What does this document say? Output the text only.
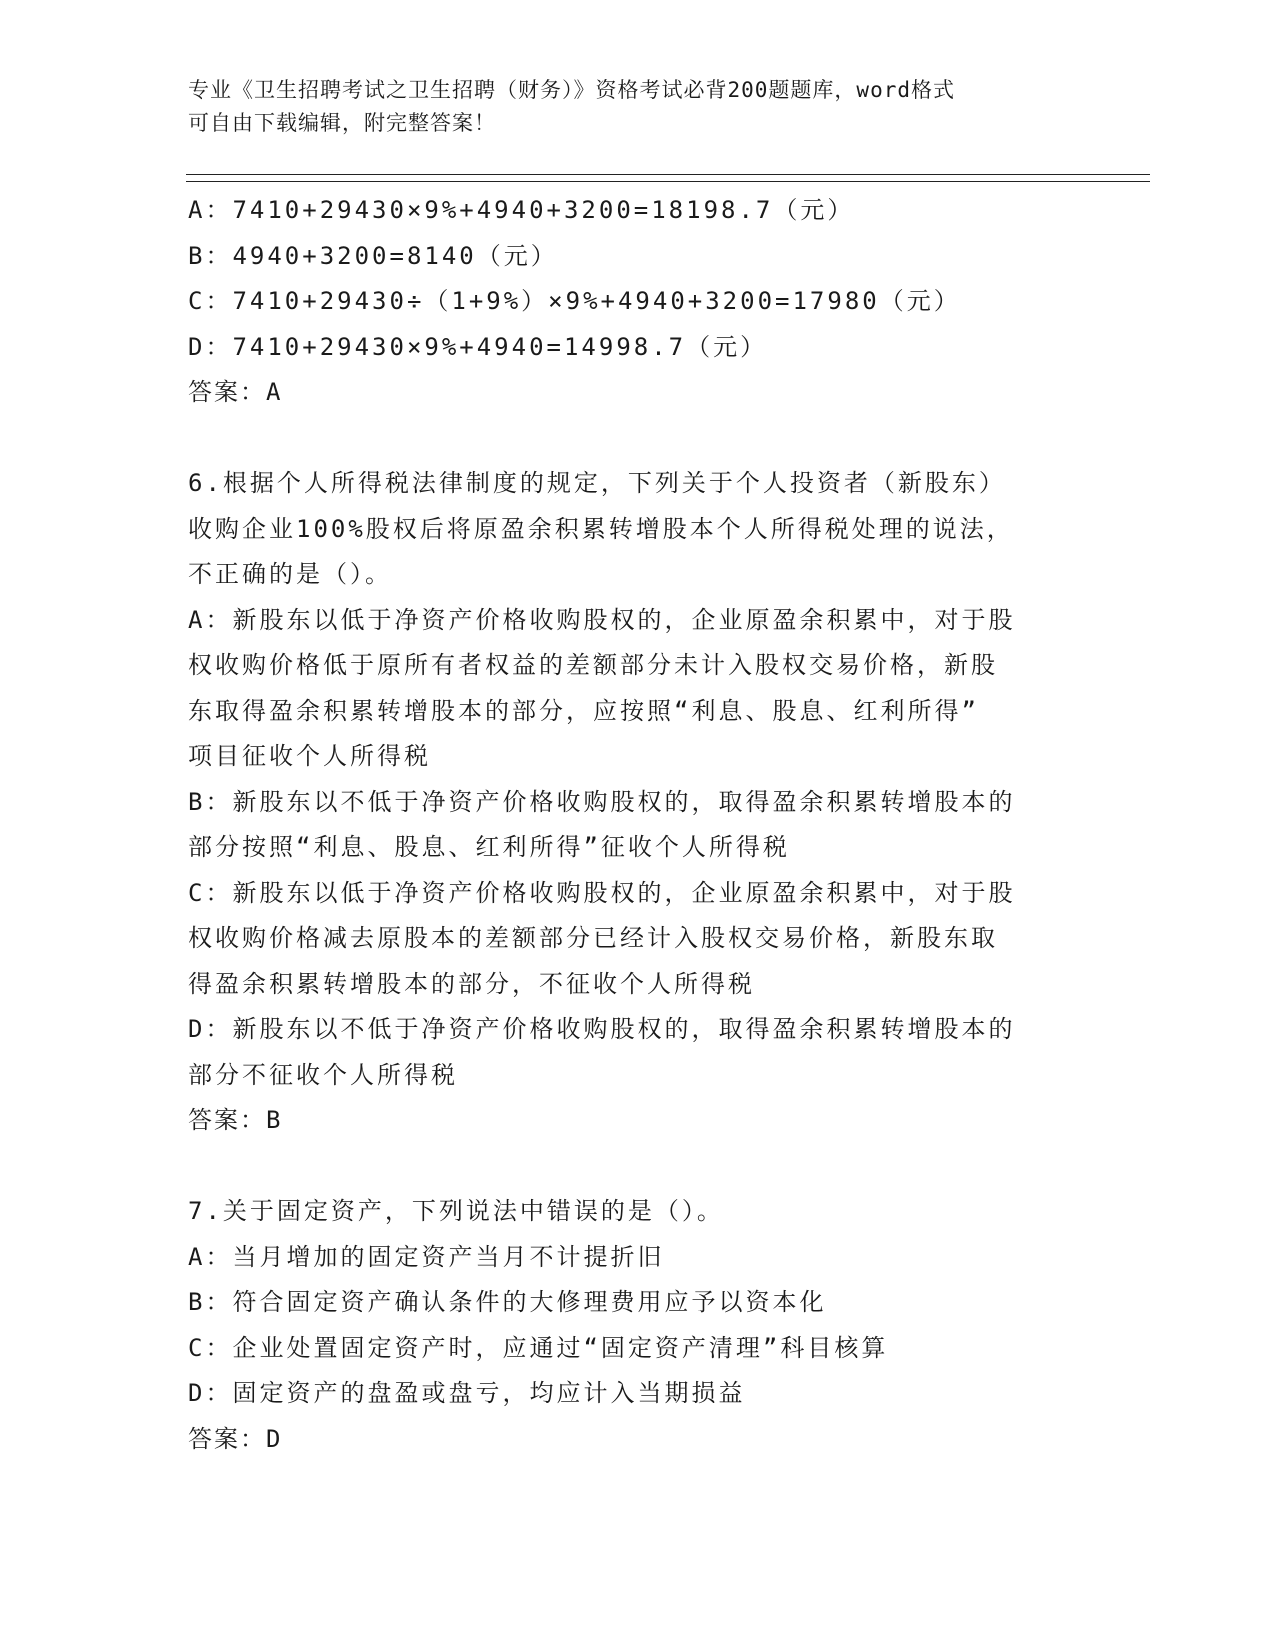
专业《卫生招聘考试之卫生招聘（财务）》资格考试必背200题题库，word格式
可自由下载编辑，附完整答案！
A：7410+29430×9%+4940+3200=18198.7（元）
B：4940+3200=8140（元）
C：7410+29430÷（1+9%）×9%+4940+3200=17980（元）
D：7410+29430×9%+4940=14998.7（元）
答案：A
6.根据个人所得税法律制度的规定，下列关于个人投资者（新股东）
收购企业100%股权后将原盈余积累转增股本个人所得税处理的说法，
不正确的是（）。
A：新股东以低于净资产价格收购股权的，企业原盈余积累中，对于股
权收购价格低于原所有者权益的差额部分未计入股权交易价格，新股
东取得盈余积累转增股本的部分，应按照“利息、股息、红利所得”
项目征收个人所得税
B：新股东以不低于净资产价格收购股权的，取得盈余积累转增股本的
部分按照“利息、股息、红利所得”征收个人所得税
C：新股东以低于净资产价格收购股权的，企业原盈余积累中，对于股
权收购价格减去原股本的差额部分已经计入股权交易价格，新股东取
得盈余积累转增股本的部分，不征收个人所得税
D：新股东以不低于净资产价格收购股权的，取得盈余积累转增股本的
部分不征收个人所得税
答案：B
7.关于固定资产，下列说法中错误的是（）。
A：当月增加的固定资产当月不计提折旧
B：符合固定资产确认条件的大修理费用应予以资本化
C：企业处置固定资产时，应通过“固定资产清理”科目核算
D：固定资产的盘盈或盘亏，均应计入当期损益
答案：D
